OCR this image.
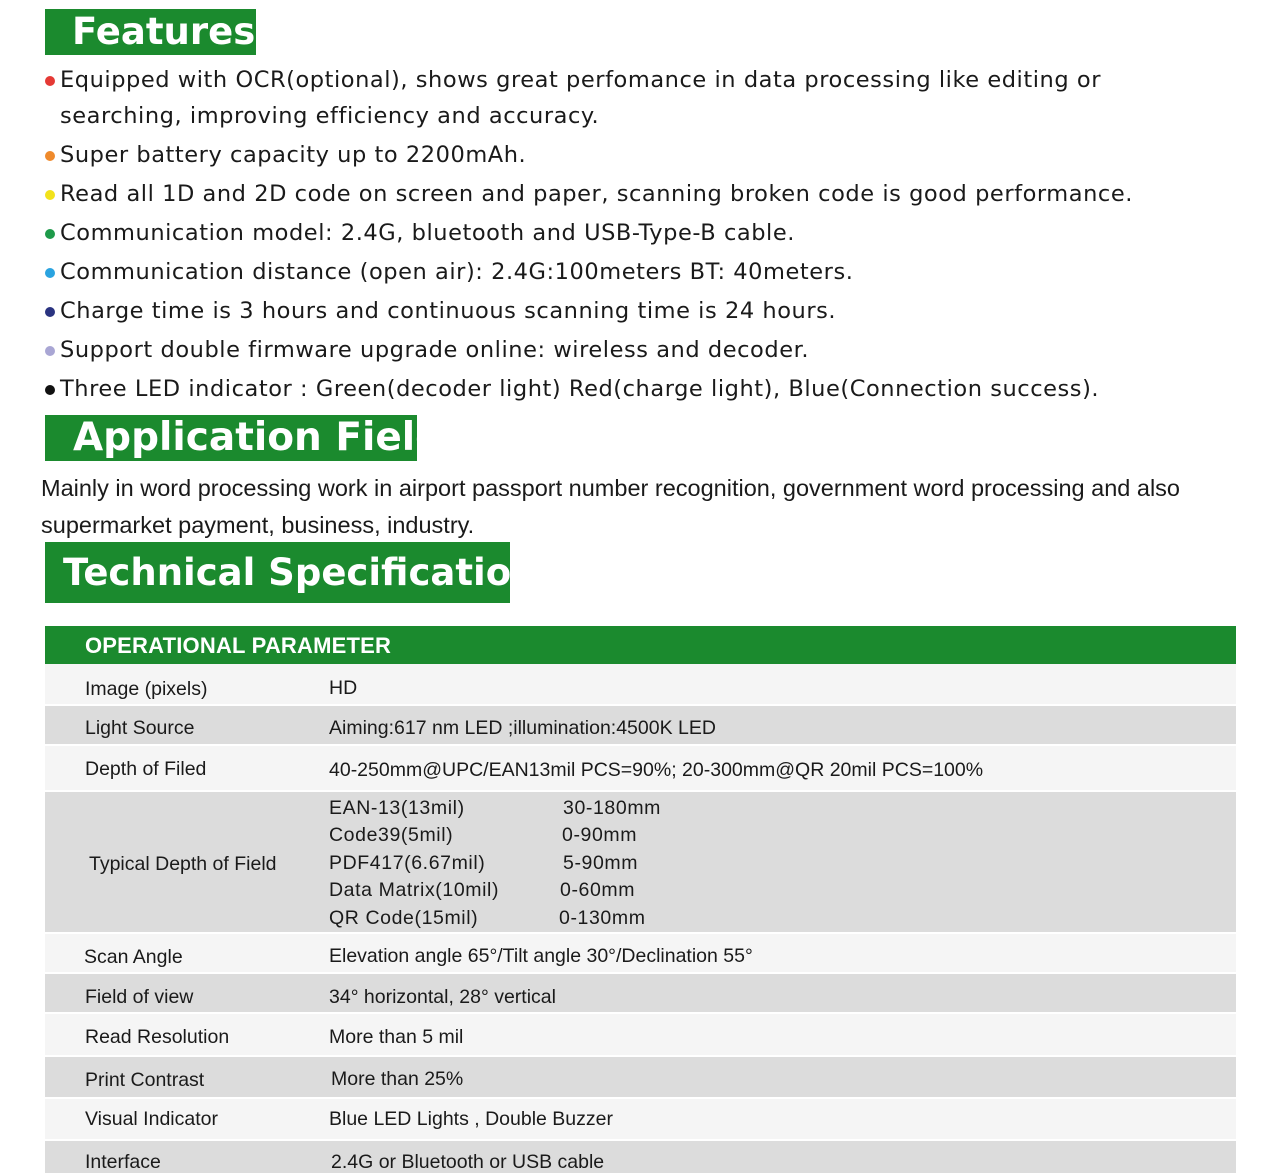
Features
Equipped with OCR(optional), shows great perfomance in data processing like editing or
searching, improving efficiency and accuracy.
Super battery capacity up to 2200mAh.
Read all 1D and 2D code on screen and paper, scanning broken code is good performance.
Communication model: 2.4G, bluetooth and USB-Type-B cable.
Communication distance (open air): 2.4G:100meters BT: 40meters.
Charge time is 3 hours and continuous scanning time is 24 hours.
Support double firmware upgrade online: wireless and decoder.
Three LED indicator : Green(decoder light) Red(charge light), Blue(Connection success).
Application Field
Mainly in word processing work in airport passport number recognition, government word processing and also supermarket payment, business, industry.
Technical Specification
OPERATIONAL PARAMETER
Image (pixels)	HD
Light Source	Aiming:617 nm LED ;illumination:4500K LED
Depth of Filed	40-250mm@UPC/EAN13mil PCS=90%; 20-300mm@QR 20mil PCS=100%
Typical Depth of Field
EAN-13(13mil)	30-180mm
Code39(5mil)	0-90mm
PDF417(6.67mil)	5-90mm
Data Matrix(10mil)	0-60mm
QR Code(15mil)	0-130mm
Scan Angle	Elevation angle 65°/Tilt angle 30°/Declination 55°
Field of view	34° horizontal, 28° vertical
Read Resolution	More than 5 mil
Print Contrast	More than 25%
Visual Indicator	Blue LED Lights , Double Buzzer
Interface	2.4G or Bluetooth or USB cable
